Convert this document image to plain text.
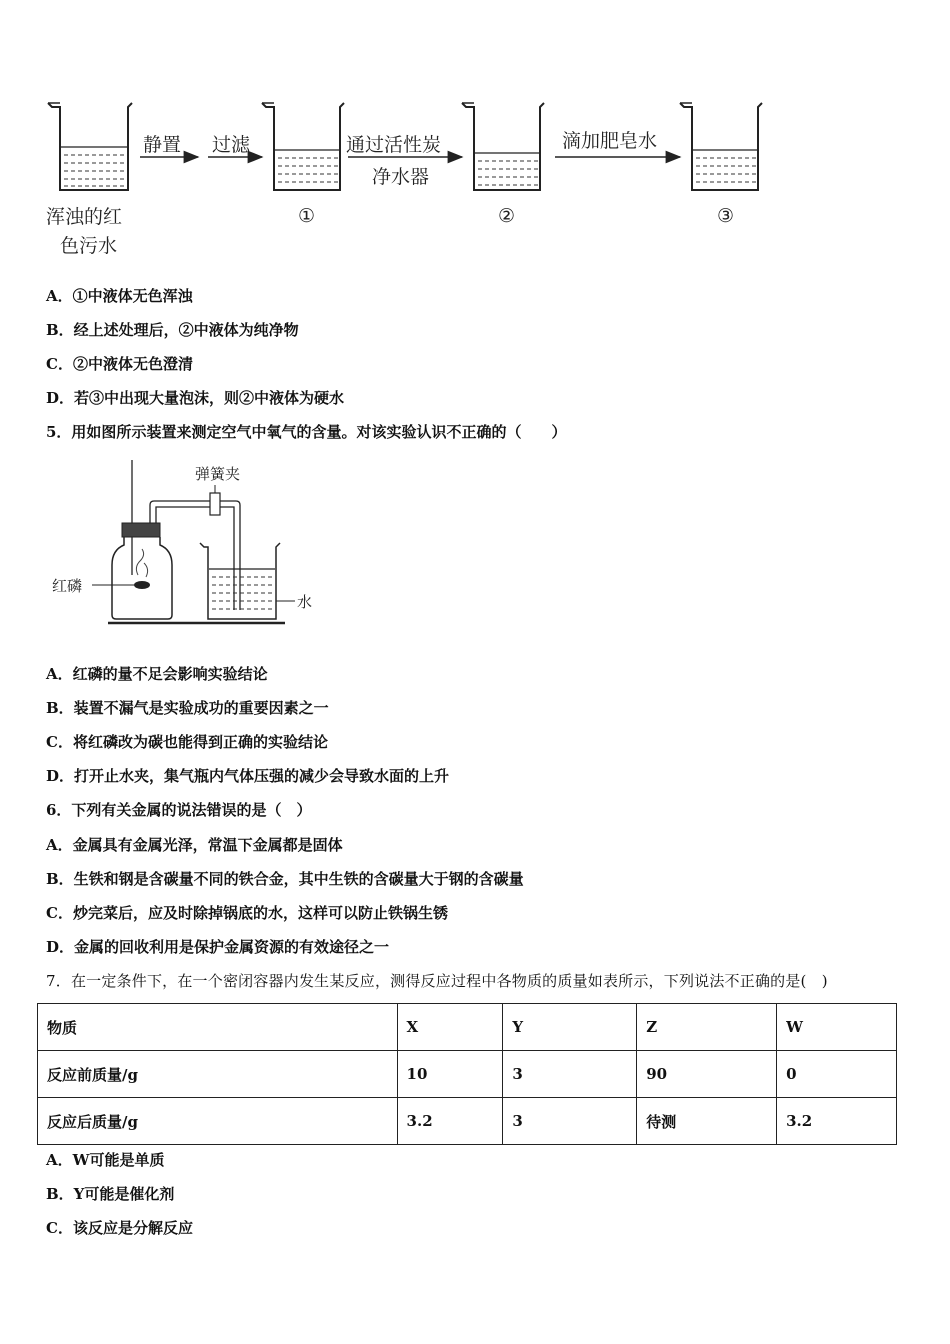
浑浊的红
色污水
静置 过滤
①
通过活性炭
净水器
②
滴加肥皂水
③
A．①中液体无色浑浊
B．经上述处理后，②中液体为纯净物
C．②中液体无色澄清
D．若③中出现大量泡沫，则②中液体为硬水
5．用如图所示装置来测定空气中氧气的含量。对该实验认识不正确的（　　）
红磷
弹簧夹
水
A．红磷的量不足会影响实验结论
B．装置不漏气是实验成功的重要因素之一
C．将红磷改为碳也能得到正确的实验结论
D．打开止水夹，集气瓶内气体压强的减少会导致水面的上升
6．下列有关金属的说法错误的是（　）
A．金属具有金属光泽，常温下金属都是固体
B．生铁和钢是含碳量不同的铁合金，其中生铁的含碳量大于钢的含碳量
C．炒完菜后，应及时除掉锅底的水，这样可以防止铁锅生锈
D．金属的回收利用是保护金属资源的有效途径之一
7．在一定条件下，在一个密闭容器内发生某反应，测得反应过程中各物质的质量如表所示，下列说法不正确的是(　)
物质	X	Y	Z	W
反应前质量/g	10	3	90	0
反应后质量/g	3.2	3	待测	3.2
A．W可能是单质
B．Y可能是催化剂
C．该反应是分解反应
